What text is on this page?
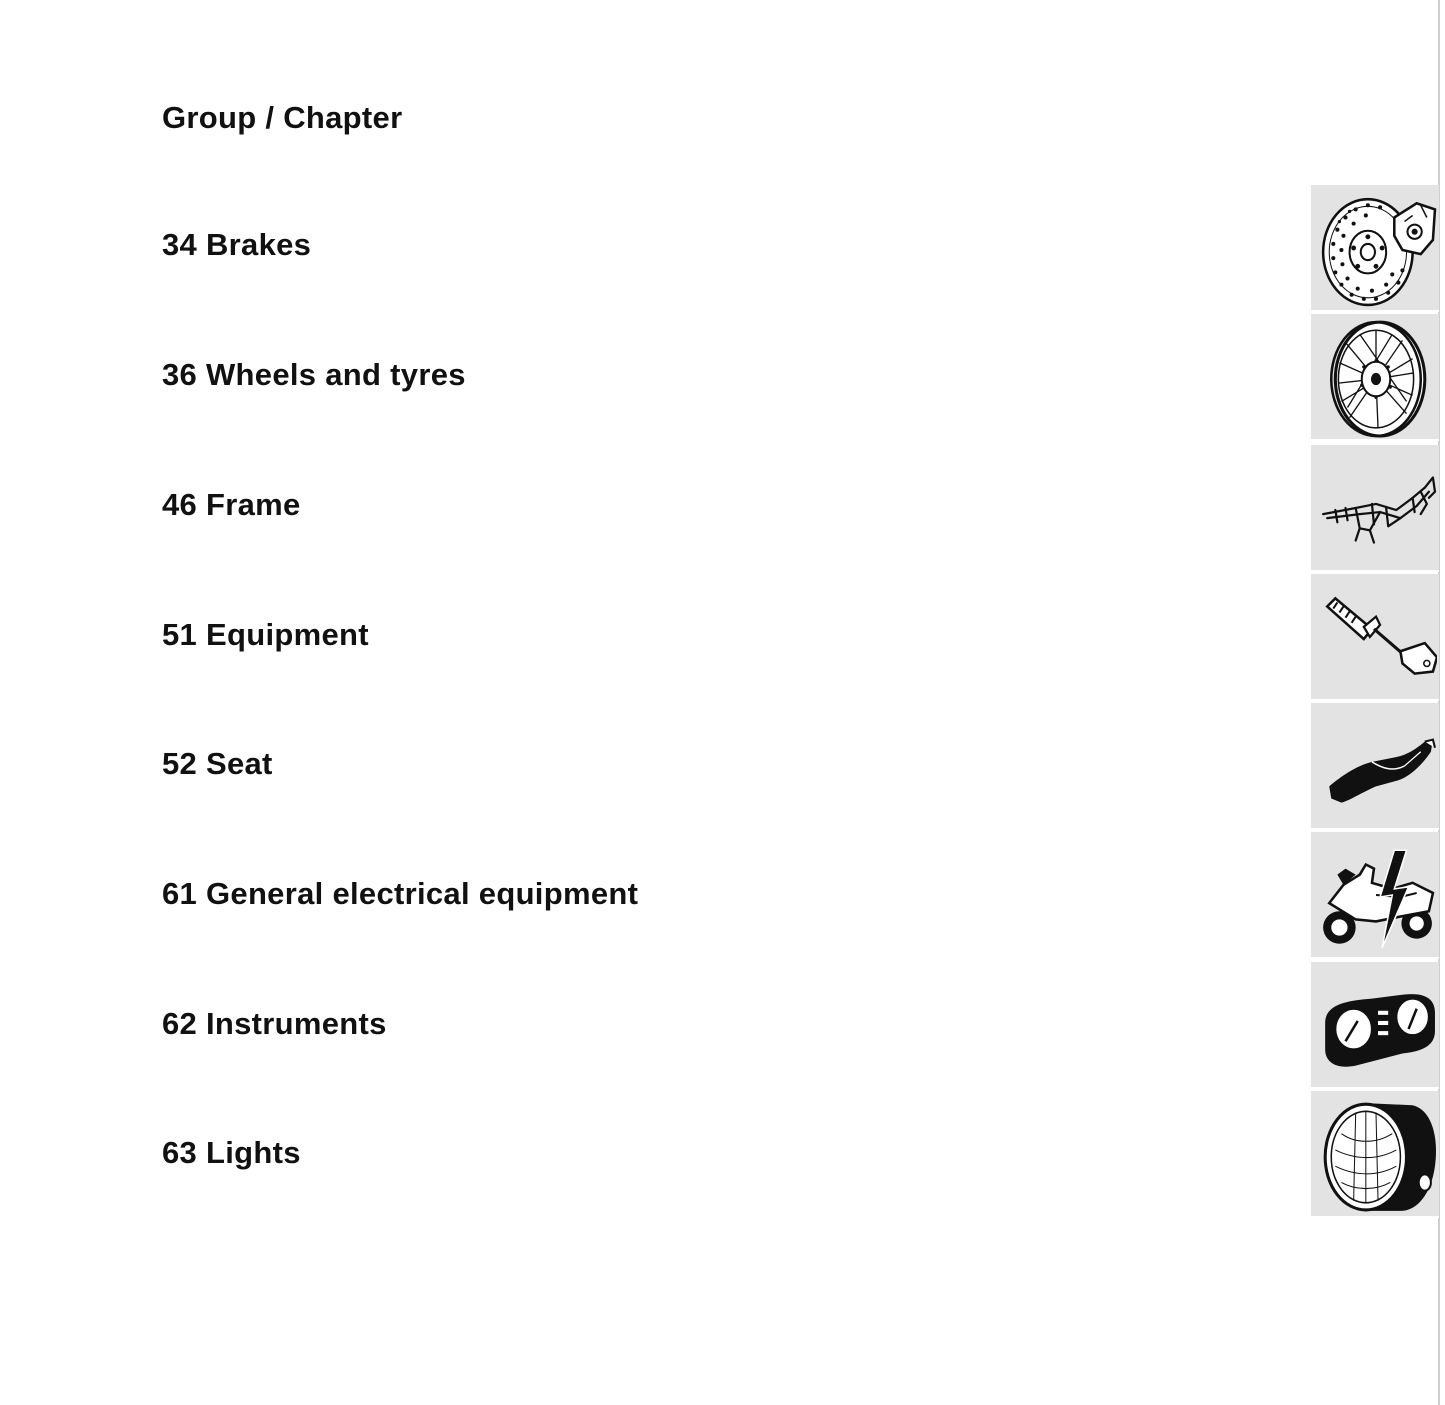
Group / Chapter
34 Brakes
36 Wheels and tyres
46 Frame
51 Equipment
52 Seat
61 General electrical equipment
62 Instruments
63 Lights
